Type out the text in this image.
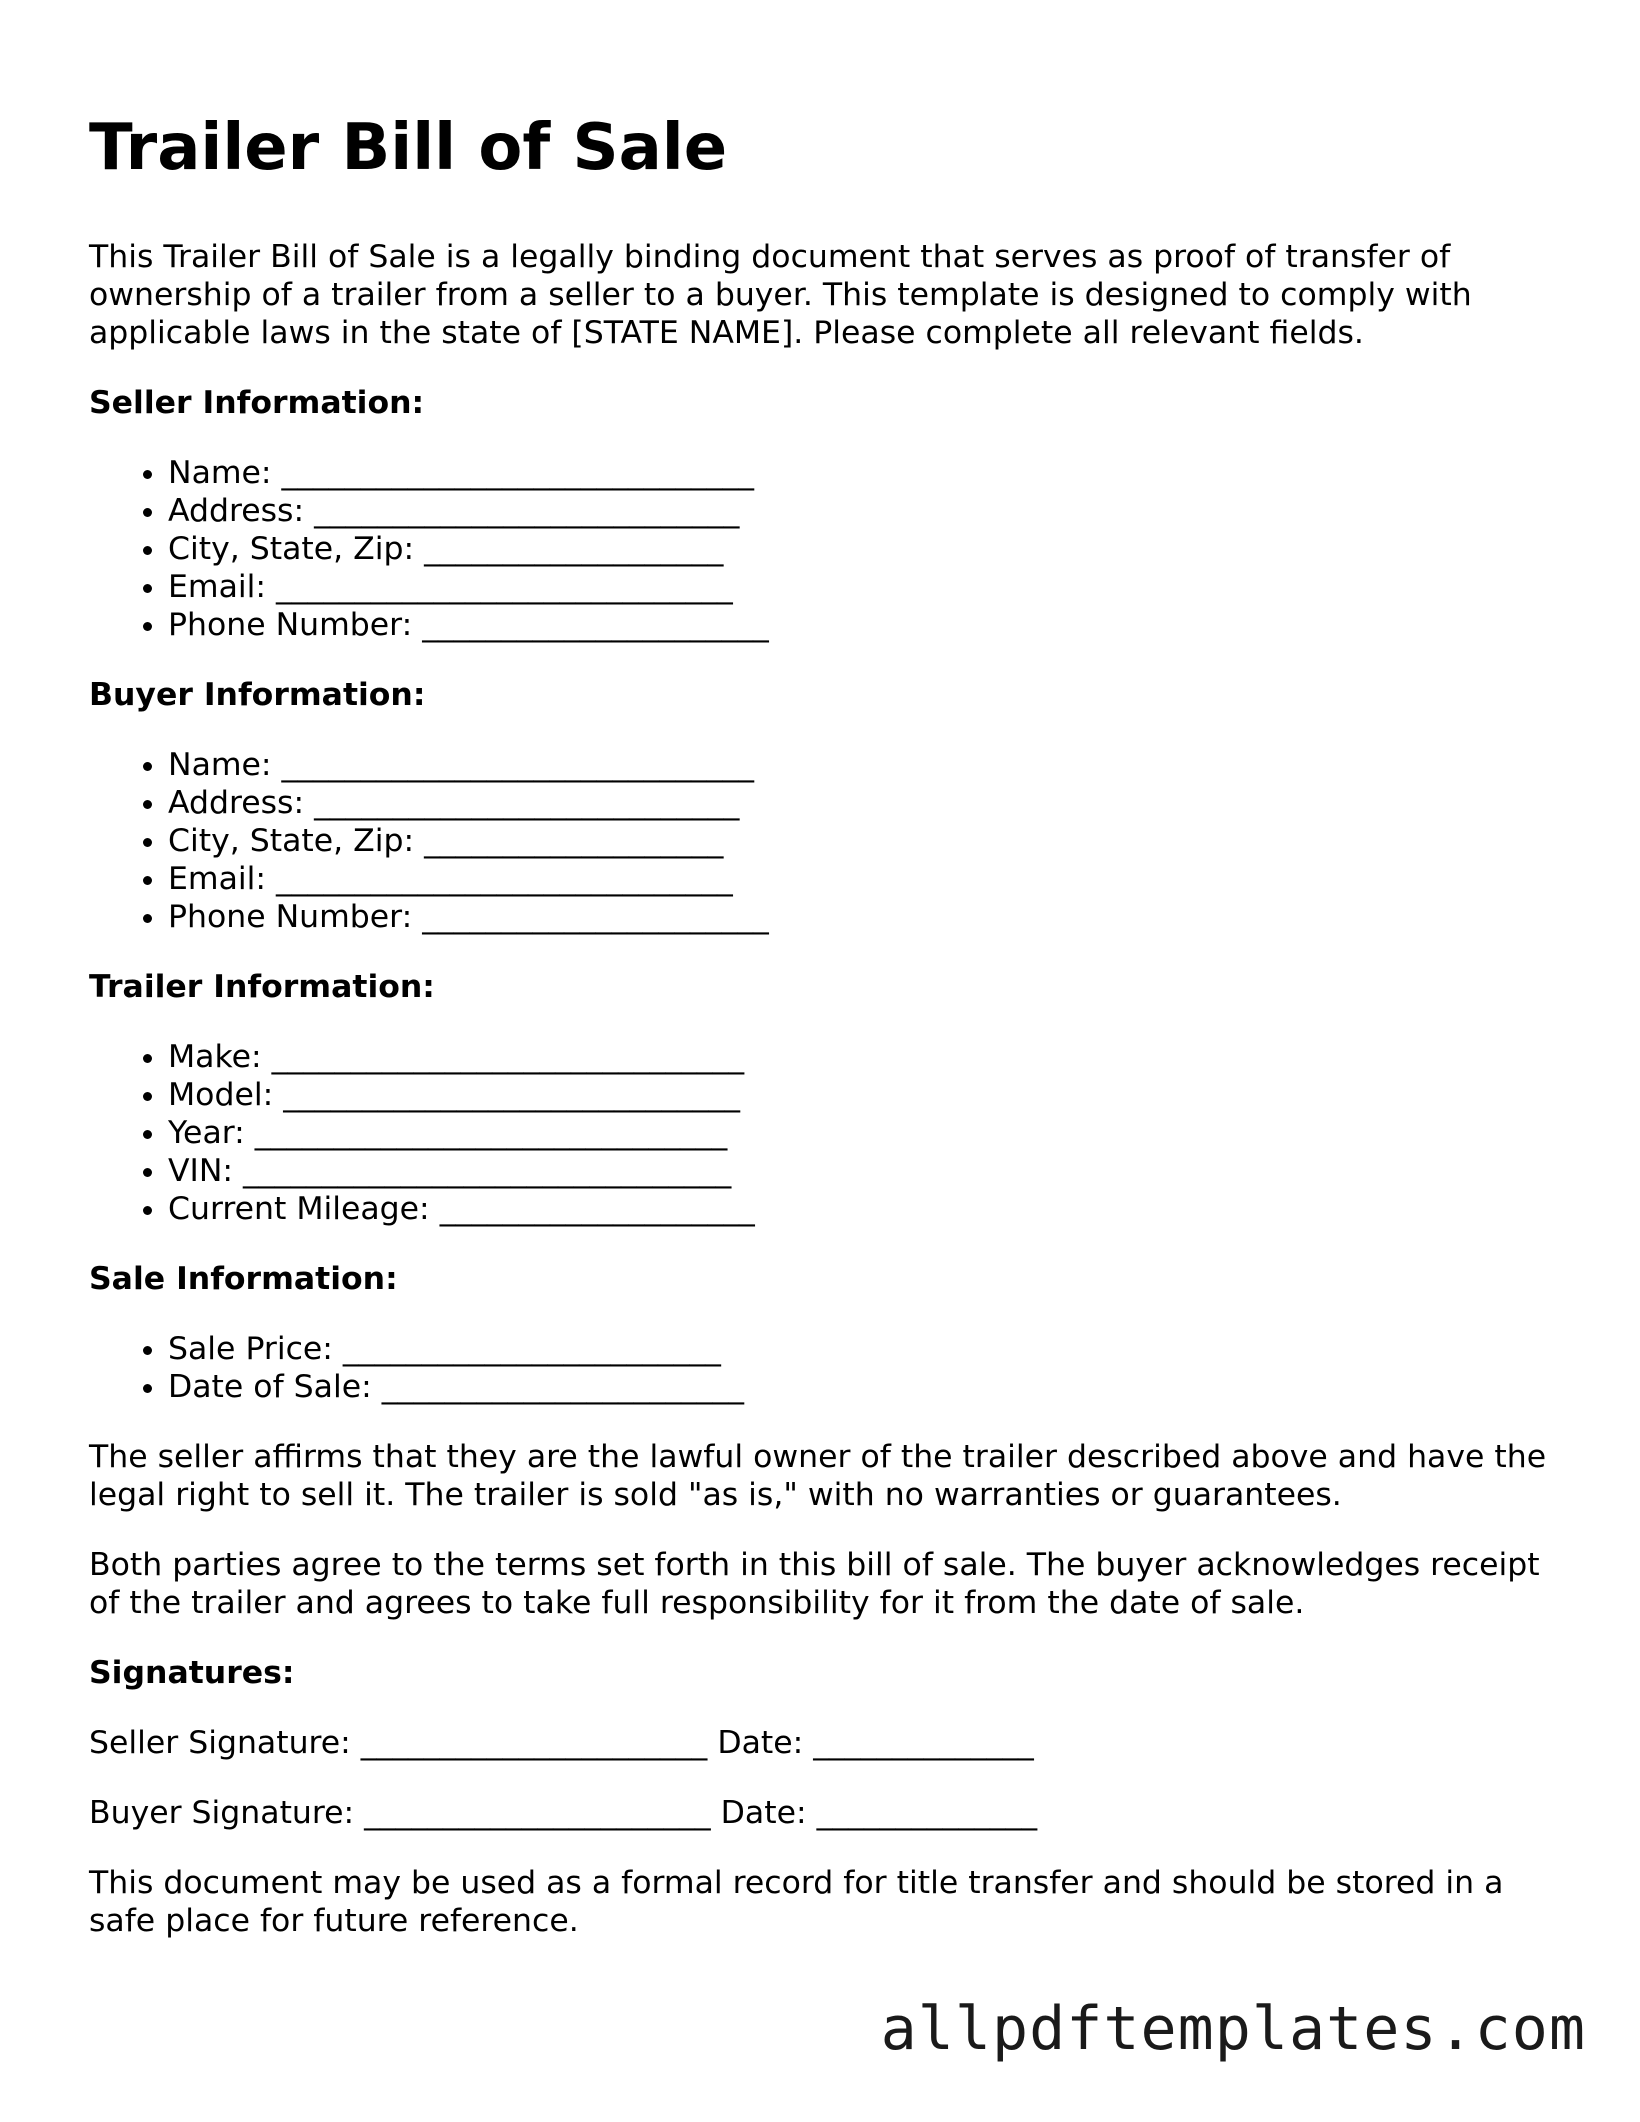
Trailer Bill of Sale

This Trailer Bill of Sale is a legally binding document that serves as proof of transfer of ownership of a trailer from a seller to a buyer. This template is designed to comply with applicable laws in the state of [STATE NAME]. Please complete all relevant fields.

Seller Information:
• Name: ______________________________
• Address: ___________________________
• City, State, Zip: ___________________
• Email: _____________________________
• Phone Number: ______________________
Buyer Information:
• Name: ______________________________
• Address: ___________________________
• City, State, Zip: ___________________
• Email: _____________________________
• Phone Number: ______________________
Trailer Information:
• Make: ______________________________
• Model: _____________________________
• Year: ______________________________
• VIN: _______________________________
• Current Mileage: ____________________
Sale Information:
• Sale Price: ________________________
• Date of Sale: _______________________

The seller affirms that they are the lawful owner of the trailer described above and have the legal right to sell it. The trailer is sold "as is," with no warranties or guarantees.

Both parties agree to the terms set forth in this bill of sale. The buyer acknowledges receipt of the trailer and agrees to take full responsibility for it from the date of sale.

Signatures:
Seller Signature: ______________________ Date: ______________
Buyer Signature: ______________________ Date: ______________

This document may be used as a formal record for title transfer and should be stored in a safe place for future reference.

allpdftemplates.com
